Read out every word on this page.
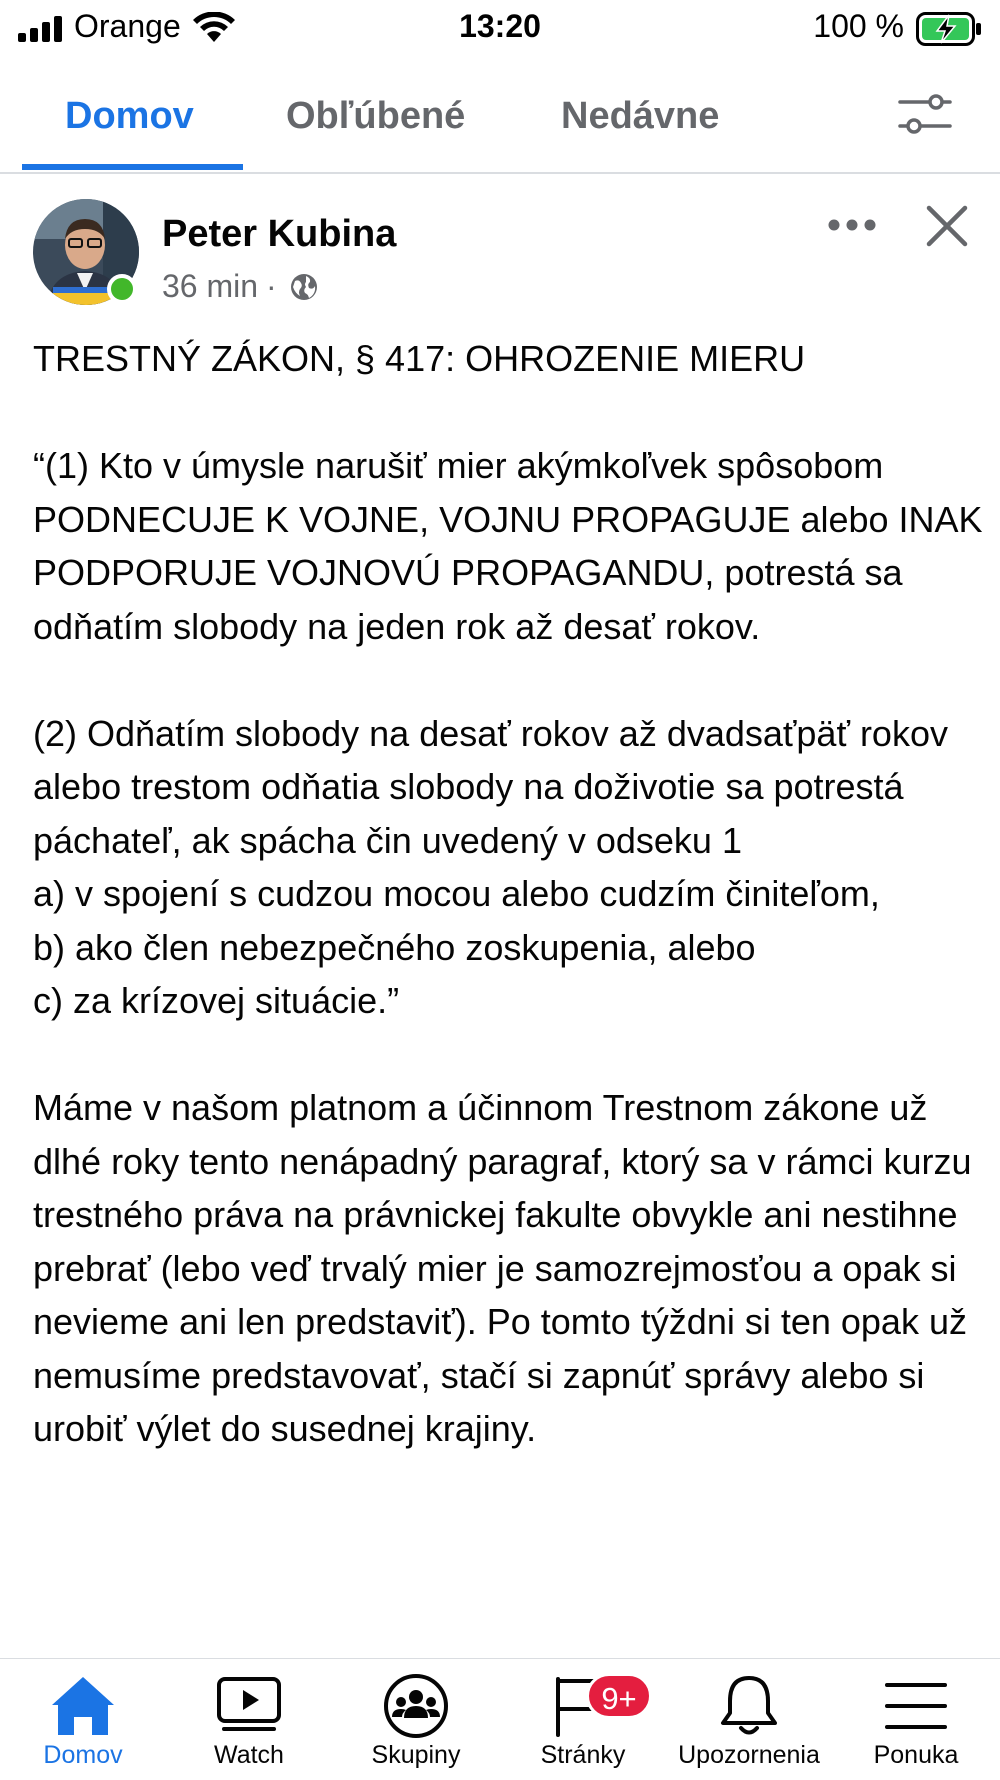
Orange	13:20	100 %
Domov Obľúbené	Nedávne
Peter Kubina
36 min ·

TRESTNÝ ZÁKON, § 417: OHROZENIE MIERU

“(1) Kto v úmysle narušiť mier akýmkoľvek spôsobom PODNECUJE K VOJNE, VOJNU PROPAGUJE alebo INAK PODPORUJE VOJNOVÚ PROPAGANDU, potrestá sa odňatím slobody na jeden rok až desať rokov.

(2) Odňatím slobody na desať rokov až dvadsaťpäť rokov alebo trestom odňatia slobody na doživotie sa potrestá páchateľ, ak spácha čin uvedený v odseku 1
a) v spojení s cudzou mocou alebo cudzím činiteľom,
b) ako člen nebezpečného zoskupenia, alebo
c) za krízovej situácie.”

Máme v našom platnom a účinnom Trestnom zákone už dlhé roky tento nenápadný paragraf, ktorý sa v rámci kurzu trestného práva na právnickej fakulte obvykle ani nestihne prebrať (lebo veď trvalý mier je samozrejmosťou a opak si nevieme ani len predstaviť). Po tomto týždni si ten opak už nemusíme predstavovať, stačí si zapnúť správy alebo si urobiť výlet do susednej krajiny.

Domov	Watch	Skupiny
9+
Stránky	Upozornenia	Ponuka
